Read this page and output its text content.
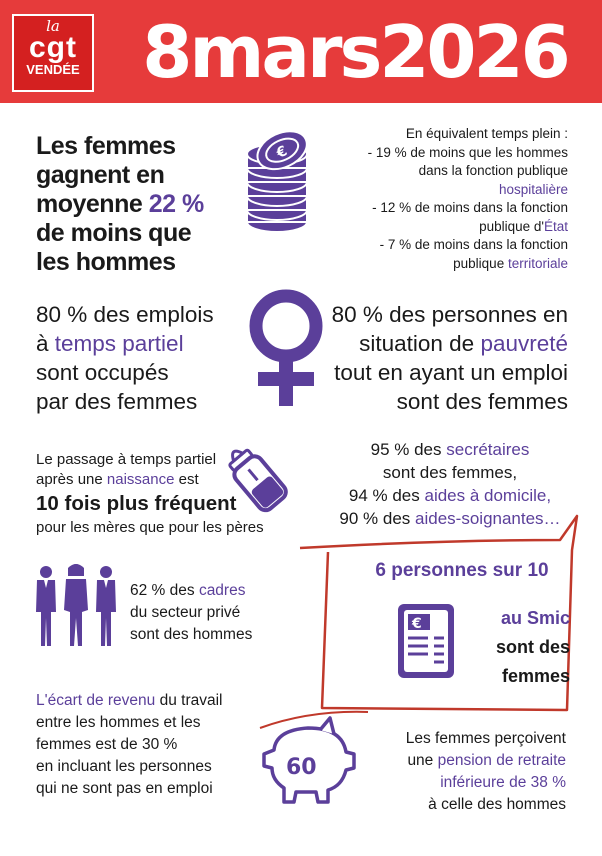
la
cgt
VENDÉE 8mars2026
Les femmes
gagnent en
moyenne 22 %
de moins que
les hommes
€
En équivalent temps plein :
- 19 % de moins que les hommes
dans la fonction publique
hospitalière
- 12 % de moins dans la fonction
publique d'État
- 7 % de moins dans la fonction
publique territoriale
80 % des emplois
à temps partiel
sont occupés
par des femmes
80 % des personnes en
situation de pauvreté
tout en ayant un emploi
sont des femmes
Le passage à temps partiel
après une naissance est
10 fois plus fréquent
pour les mères que pour les pères
95 % des secrétaires
sont des femmes,
94 % des aides à domicile,
90 % des aides-soignantes…
62 % des cadres
du secteur privé
sont des hommes
6 personnes sur 10
au Smic
sont des
femmes
€
L'écart de revenu du travail
entre les hommes et les
femmes est de 30 %
en incluant les personnes
qui ne sont pas en emploi
60
Les femmes perçoivent
une pension de retraite
inférieure de 38 %
à celle des hommes
